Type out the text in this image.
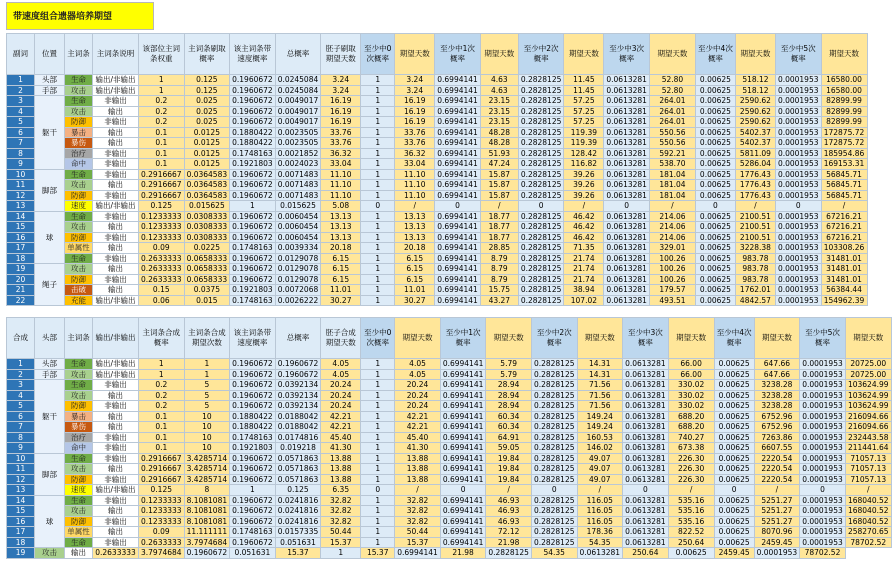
带速度组合遗器培养期望
副词	位置	主词条	主词条说明	该部位主词条权重	主词条刷取概率	该主词条带速度概率	总概率	胚子刷取期望天数	至少中0次概率	期望天数	至少中1次概率	期望天数	至少中2次概率	期望天数	至少中3次概率	期望天数	至少中4次概率	期望天数	至少中5次概率	期望天数
1	头部	生命	输出/非输出	1	0.125	0.1960672	0.0245084	3.24	1	3.24	0.6994141	4.63	0.2828125	11.45	0.0613281	52.80	0.00625	518.12	0.0001953	16580.00
2	手部	攻击	输出/非输出	1	0.125	0.1960672	0.0245084	3.24	1	3.24	0.6994141	4.63	0.2828125	11.45	0.0613281	52.80	0.00625	518.12	0.0001953	16580.00
3	躯干	生命	非输出	0.2	0.025	0.1960672	0.0049017	16.19	1	16.19	0.6994141	23.15	0.2828125	57.25	0.0613281	264.01	0.00625	2590.62	0.0001953	82899.99
4		攻击	输出	0.2	0.025	0.1960672	0.0049017	16.19	1	16.19	0.6994141	23.15	0.2828125	57.25	0.0613281	264.01	0.00625	2590.62	0.0001953	82899.99
5		防御	非输出	0.2	0.025	0.1960672	0.0049017	16.19	1	16.19	0.6994141	23.15	0.2828125	57.25	0.0613281	264.01	0.00625	2590.62	0.0001953	82899.99
6		暴击	输出	0.1	0.0125	0.1880422	0.0023505	33.76	1	33.76	0.6994141	48.28	0.2828125	119.39	0.0613281	550.56	0.00625	5402.37	0.0001953	172875.72
7		暴伤	输出	0.1	0.0125	0.1880422	0.0023505	33.76	1	33.76	0.6994141	48.28	0.2828125	119.39	0.0613281	550.56	0.00625	5402.37	0.0001953	172875.72
8		治疗	非输出	0.1	0.0125	0.1748163	0.0021852	36.32	1	36.32	0.6994141	51.93	0.2828125	128.42	0.0613281	592.21	0.00625	5811.09	0.0001953	185954.86
9		命中	非输出	0.1	0.0125	0.1921803	0.0024023	33.04	1	33.04	0.6994141	47.24	0.2828125	116.82	0.0613281	538.70	0.00625	5286.04	0.0001953	169153.31
10	脚部	生命	非输出	0.2916667	0.0364583	0.1960672	0.0071483	11.10	1	11.10	0.6994141	15.87	0.2828125	39.26	0.0613281	181.04	0.00625	1776.43	0.0001953	56845.71
11		攻击	输出	0.2916667	0.0364583	0.1960672	0.0071483	11.10	1	11.10	0.6994141	15.87	0.2828125	39.26	0.0613281	181.04	0.00625	1776.43	0.0001953	56845.71
12		防御	非输出	0.2916667	0.0364583	0.1960672	0.0071483	11.10	1	11.10	0.6994141	15.87	0.2828125	39.26	0.0613281	181.04	0.00625	1776.43	0.0001953	56845.71
13		速度	输出/非输出	0.125	0.015625	1	0.015625	5.08	0	/	0	/	0	/	0	/	0	/	0	/
14	球	生命	非输出	0.1233333	0.0308333	0.1960672	0.0060454	13.13	1	13.13	0.6994141	18.77	0.2828125	46.42	0.0613281	214.06	0.00625	2100.51	0.0001953	67216.21
15		攻击	输出	0.1233333	0.0308333	0.1960672	0.0060454	13.13	1	13.13	0.6994141	18.77	0.2828125	46.42	0.0613281	214.06	0.00625	2100.51	0.0001953	67216.21
16		防御	非输出	0.1233333	0.0308333	0.1960672	0.0060454	13.13	1	13.13	0.6994141	18.77	0.2828125	46.42	0.0613281	214.06	0.00625	2100.51	0.0001953	67216.21
17		单属性	输出	0.09	0.0225	0.1748163	0.0039334	20.18	1	20.18	0.6994141	28.85	0.2828125	71.35	0.0613281	329.01	0.00625	3228.38	0.0001953	103308.26
18		生命	非输出	0.2633333	0.0658333	0.1960672	0.0129078	6.15	1	6.15	0.6994141	8.79	0.2828125	21.74	0.0613281	100.26	0.00625	983.78	0.0001953	31481.01
19	绳子	攻击	输出	0.2633333	0.0658333	0.1960672	0.0129078	6.15	1	6.15	0.6994141	8.79	0.2828125	21.74	0.0613281	100.26	0.00625	983.78	0.0001953	31481.01
20		防御	非输出	0.2633333	0.0658333	0.1960672	0.0129078	6.15	1	6.15	0.6994141	8.79	0.2828125	21.74	0.0613281	100.26	0.00625	983.78	0.0001953	31481.01
21		击破	输出	0.15	0.0375	0.1921803	0.0072068	11.01	1	11.01	0.6994141	15.75	0.2828125	38.94	0.0613281	179.57	0.00625	1762.01	0.0001953	56384.44
22		充能	输出/非输出	0.06	0.015	0.1748163	0.0026222	30.27	1	30.27	0.6994141	43.27	0.2828125	107.02	0.0613281	493.51	0.00625	4842.57	0.0001953	154962.39
合成	头部	主词条	输出/非输出	主词条合成概率	主词条合成期望次数	该主词条带速度概率	总概率	胚子合成期望天数	至少中0次概率	期望天数	至少中1次概率	期望天数	至少中2次概率	期望天数	至少中3次概率	期望天数	至少中4次概率	期望天数	至少中5次概率	期望天数
1	头部	生命	输出/非输出	1	1	0.1960672	0.1960672	4.05	1	4.05	0.6994141	5.79	0.2828125	14.31	0.0613281	66.00	0.00625	647.66	0.0001953	20725.00
2	手部	攻击	输出/非输出	1	1	0.1960672	0.1960672	4.05	1	4.05	0.6994141	5.79	0.2828125	14.31	0.0613281	66.00	0.00625	647.66	0.0001953	20725.00
3	躯干	生命	非输出	0.2	5	0.1960672	0.0392134	20.24	1	20.24	0.6994141	28.94	0.2828125	71.56	0.0613281	330.02	0.00625	3238.28	0.0001953	103624.99
4		攻击	输出	0.2	5	0.1960672	0.0392134	20.24	1	20.24	0.6994141	28.94	0.2828125	71.56	0.0613281	330.02	0.00625	3238.28	0.0001953	103624.99
5		防御	非输出	0.2	5	0.1960672	0.0392134	20.24	1	20.24	0.6994141	28.94	0.2828125	71.56	0.0613281	330.02	0.00625	3238.28	0.0001953	103624.99
6		暴击	输出	0.1	10	0.1880422	0.0188042	42.21	1	42.21	0.6994141	60.34	0.2828125	149.24	0.0613281	688.20	0.00625	6752.96	0.0001953	216094.66
7		暴伤	输出	0.1	10	0.1880422	0.0188042	42.21	1	42.21	0.6994141	60.34	0.2828125	149.24	0.0613281	688.20	0.00625	6752.96	0.0001953	216094.66
8		治疗	非输出	0.1	10	0.1748163	0.0174816	45.40	1	45.40	0.6994141	64.91	0.2828125	160.53	0.0613281	740.27	0.00625	7263.86	0.0001953	232443.58
9		命中	非输出	0.1	10	0.1921803	0.019218	41.30	1	41.30	0.6994141	59.05	0.2828125	146.02	0.0613281	673.38	0.00625	6607.55	0.0001953	211441.64
10	脚部	生命	非输出	0.2916667	3.4285714	0.1960672	0.0571863	13.88	1	13.88	0.6994141	19.84	0.2828125	49.07	0.0613281	226.30	0.00625	2220.54	0.0001953	71057.13
11		攻击	输出	0.2916667	3.4285714	0.1960672	0.0571863	13.88	1	13.88	0.6994141	19.84	0.2828125	49.07	0.0613281	226.30	0.00625	2220.54	0.0001953	71057.13
12		防御	非输出	0.2916667	3.4285714	0.1960672	0.0571863	13.88	1	13.88	0.6994141	19.84	0.2828125	49.07	0.0613281	226.30	0.00625	2220.54	0.0001953	71057.13
13		速度	输出/非输出	0.125	8	1	0.125	6.35	0	/	0	/	0	/	0	/	0	/	0	/
14	球	生命	非输出	0.1233333	8.1081081	0.1960672	0.0241816	32.82	1	32.82	0.6994141	46.93	0.2828125	116.05	0.0613281	535.16	0.00625	5251.27	0.0001953	168040.52
15		攻击	输出	0.1233333	8.1081081	0.1960672	0.0241816	32.82	1	32.82	0.6994141	46.93	0.2828125	116.05	0.0613281	535.16	0.00625	5251.27	0.0001953	168040.52
16		防御	非输出	0.1233333	8.1081081	0.1960672	0.0241816	32.82	1	32.82	0.6994141	46.93	0.2828125	116.05	0.0613281	535.16	0.00625	5251.27	0.0001953	168040.52
17		单属性	输出	0.09	11.111111	0.1748163	0.0157335	50.44	1	50.44	0.6994141	72.12	0.2828125	178.36	0.0613281	822.52	0.00625	8070.96	0.0001953	258270.65
18		生命	非输出	0.2633333	3.7974684	0.1960672	0.051631	15.37	1	15.37	0.6994141	21.98	0.2828125	54.35	0.0613281	250.64	0.00625	2459.45	0.0001953	78702.52
19	攻击	输出	0.2633333	3.7974684	0.1960672	0.051631	15.37	1	15.37	0.6994141	21.98	0.2828125	54.35	0.0613281	250.64	0.00625	2459.45	0.0001953	78702.52	
